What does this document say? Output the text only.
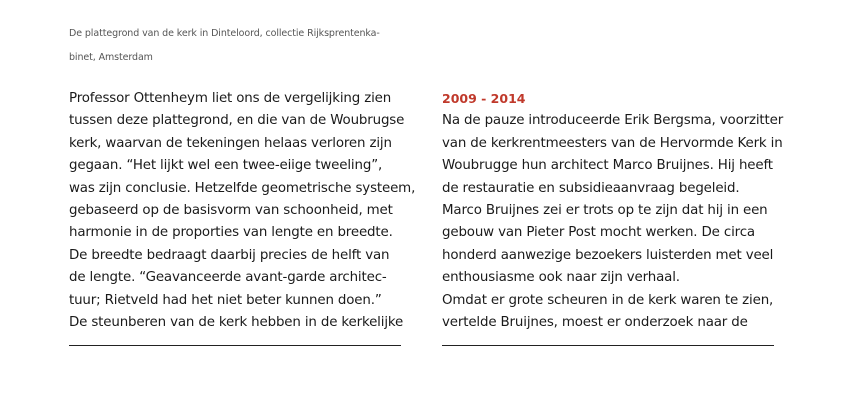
De plattegrond van de kerk in Dinteloord, collectie Rijksprentenka-
binet, Amsterdam

Professor Ottenheym liet ons de vergelijking zien
tussen deze plattegrond, en die van de Woubrugse
kerk, waarvan de tekeningen helaas verloren zijn
gegaan. “Het lijkt wel een twee-eiige tweeling”,
was zijn conclusie. Hetzelfde geometrische systeem,
gebaseerd op de basisvorm van schoonheid, met
harmonie in de proporties van lengte en breedte.
De breedte bedraagt daarbij precies de helft van
de lengte. “Geavanceerde avant-garde architec-
tuur; Rietveld had het niet beter kunnen doen.”
De steunberen van de kerk hebben in de kerkelijke
2009 - 2014
Na de pauze introduceerde Erik Bergsma, voorzitter
van de kerkrentmeesters van de Hervormde Kerk in
Woubrugge hun architect Marco Bruijnes. Hij heeft
de restauratie en subsidieaanvraag begeleid.
Marco Bruijnes zei er trots op te zijn dat hij in een
gebouw van Pieter Post mocht werken. De circa
honderd aanwezige bezoekers luisterden met veel
enthousiasme ook naar zijn verhaal.
Omdat er grote scheuren in de kerk waren te zien,
vertelde Bruijnes, moest er onderzoek naar de
